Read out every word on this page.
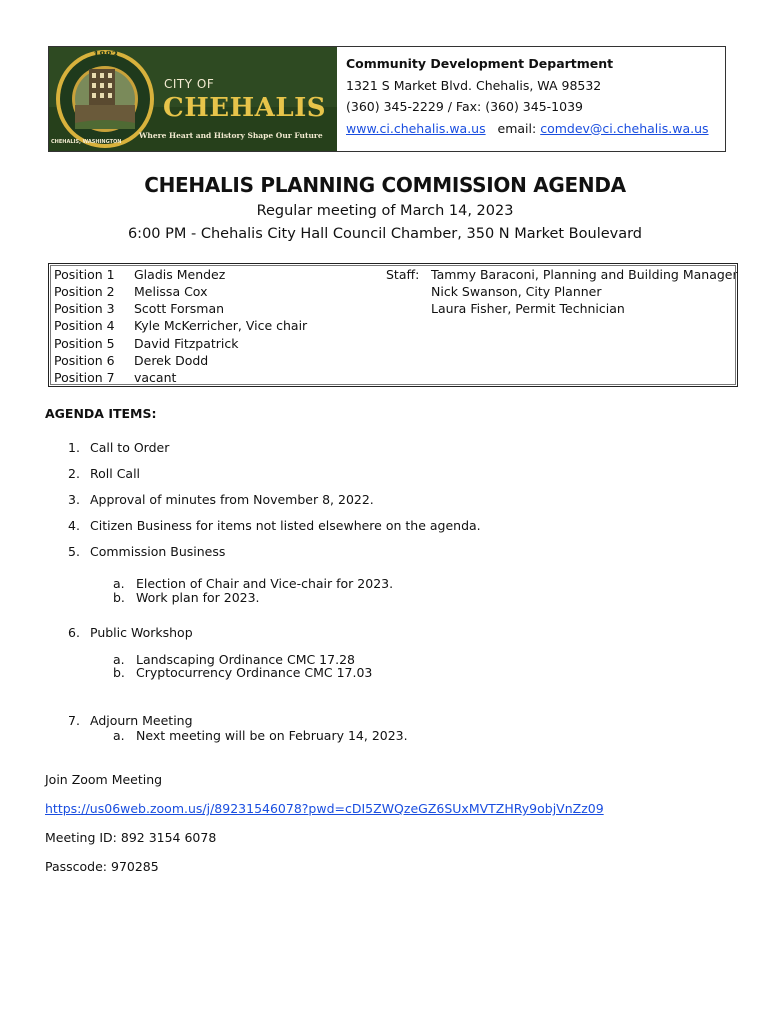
1883
CHEHALIS, WASHINGTON
CITY OF
CHEHALIS
Where Heart and History Shape Our Future
Community Development Department
1321 S Market Blvd. Chehalis, WA 98532
(360) 345-2229 / Fax: (360) 345-1039
www.ci.chehalis.wa.us email: comdev@ci.chehalis.wa.us
CHEHALIS PLANNING COMMISSION AGENDA
Regular meeting of March 14, 2023
6:00 PM - Chehalis City Hall Council Chamber, 350 N Market Boulevard
Position 1 Gladis Mendez
Position 2 Melissa Cox
Position 3 Scott Forsman
Position 4 Kyle McKerricher, Vice chair
Position 5 David Fitzpatrick
Position 6 Derek Dodd
Position 7 vacant
Staff: Tammy Baraconi, Planning and Building Manager
Nick Swanson, City Planner
Laura Fisher, Permit Technician
AGENDA ITEMS:
1. Call to Order
2. Roll Call
3. Approval of minutes from November 8, 2022.
4. Citizen Business for items not listed elsewhere on the agenda.
5. Commission Business
a. Election of Chair and Vice-chair for 2023.
b. Work plan for 2023.
6. Public Workshop
a. Landscaping Ordinance CMC 17.28
b. Cryptocurrency Ordinance CMC 17.03
7. Adjourn Meeting
a. Next meeting will be on February 14, 2023.
Join Zoom Meeting
https://us06web.zoom.us/j/89231546078?pwd=cDI5ZWQzeGZ6SUxMVTZHRy9objVnZz09
Meeting ID: 892 3154 6078
Passcode: 970285
